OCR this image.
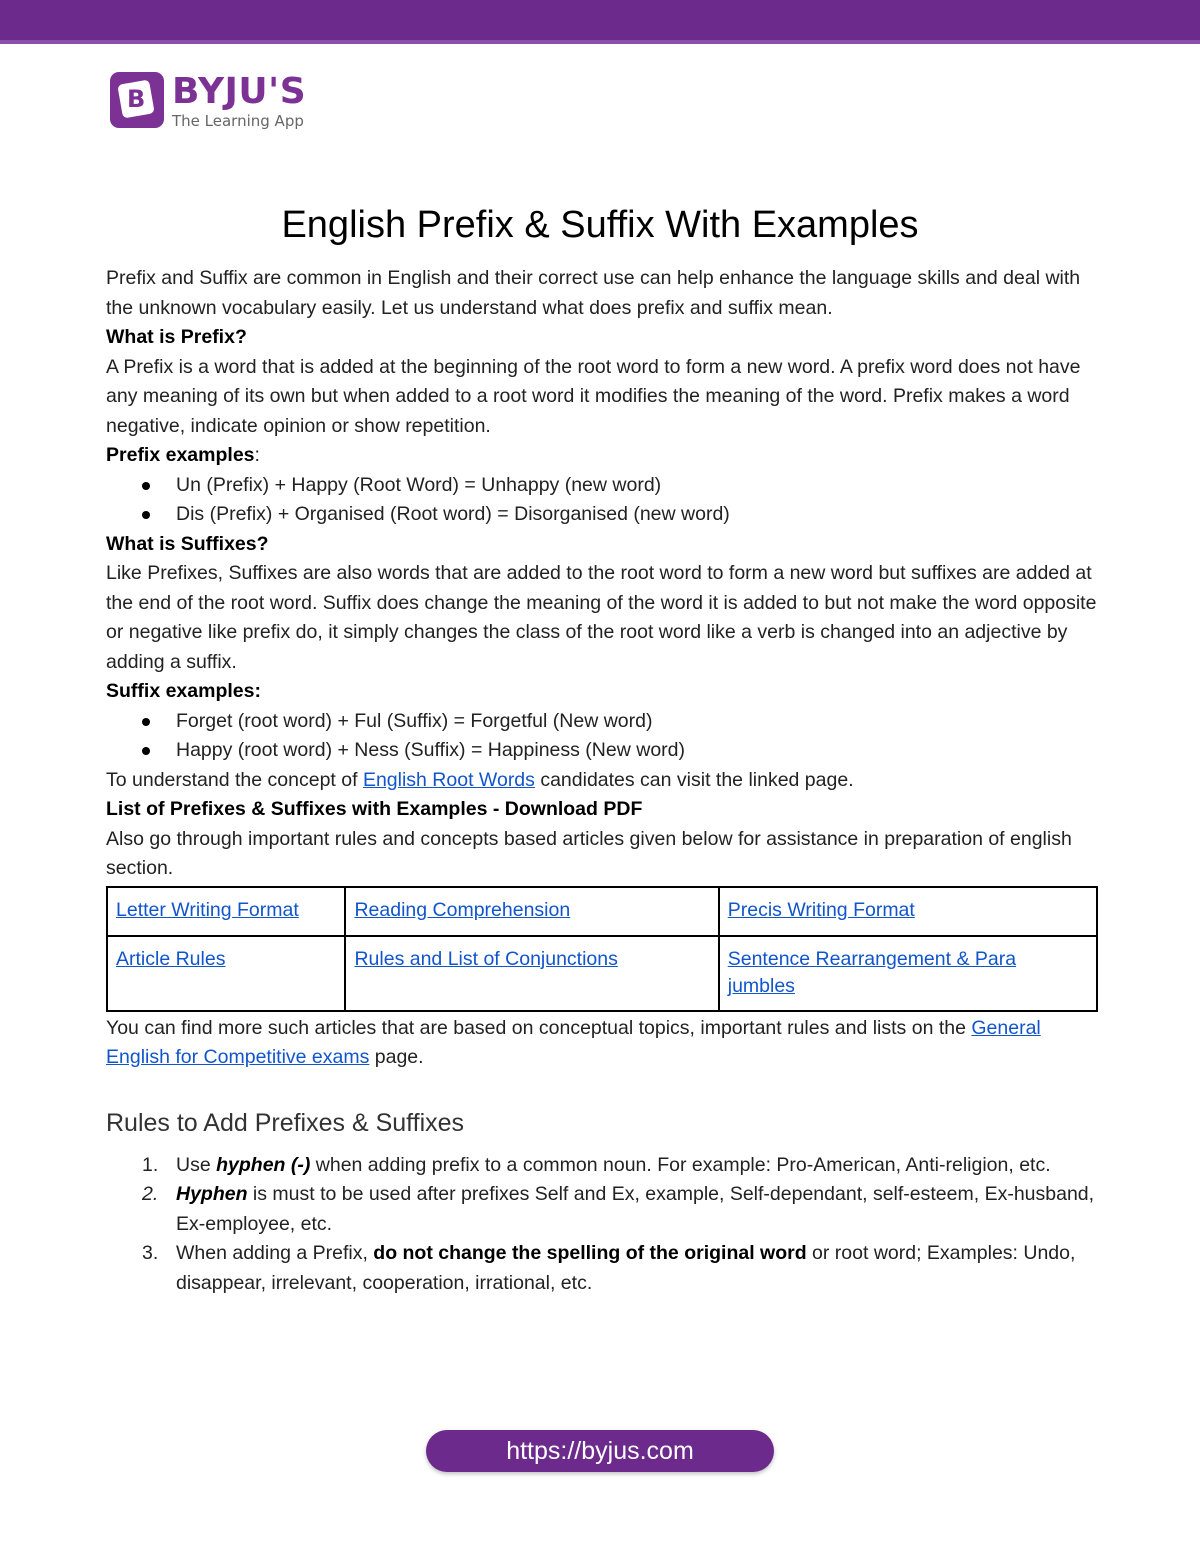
B BYJU'S
The Learning App
English Prefix & Suffix With Examples

Prefix and Suffix are common in English and their correct use can help enhance the language skills and deal with the unknown vocabulary easily. Let us understand what does prefix and suffix mean.

What is Prefix?

A Prefix is a word that is added at the beginning of the root word to form a new word. A prefix word does not have any meaning of its own but when added to a root word it modifies the meaning of the word. Prefix makes a word negative, indicate opinion or show repetition.

Prefix examples:

Un (Prefix) + Happy (Root Word) = Unhappy (new word)
Dis (Prefix) + Organised (Root word) = Disorganised (new word)

What is Suffixes?

Like Prefixes, Suffixes are also words that are added to the root word to form a new word but suffixes are added at the end of the root word. Suffix does change the meaning of the word it is added to but not make the word opposite or negative like prefix do, it simply changes the class of the root word like a verb is changed into an adjective by adding a suffix.

Suffix examples:

Forget (root word) + Ful (Suffix) = Forgetful (New word)
Happy (root word) + Ness (Suffix) = Happiness (New word)

To understand the concept of English Root Words candidates can visit the linked page.

List of Prefixes & Suffixes with Examples - Download PDF

Also go through important rules and concepts based articles given below for assistance in preparation of english section.

Letter Writing Format	Reading Comprehension	Precis Writing Format
Article Rules	Rules and List of Conjunctions	Sentence Rearrangement & Para jumbles

You can find more such articles that are based on conceptual topics, important rules and lists on the General English for Competitive exams page.

Rules to Add Prefixes & Suffixes
1. Use hyphen (-) when adding prefix to a common noun. For example: Pro-American, Anti-religion, etc.
2. Hyphen is must to be used after prefixes Self and Ex, example, Self-dependant, self-esteem, Ex-husband, Ex-employee, etc.
3. When adding a Prefix, do not change the spelling of the original word or root word; Examples: Undo, disappear, irrelevant, cooperation, irrational, etc.
https://byjus.com
